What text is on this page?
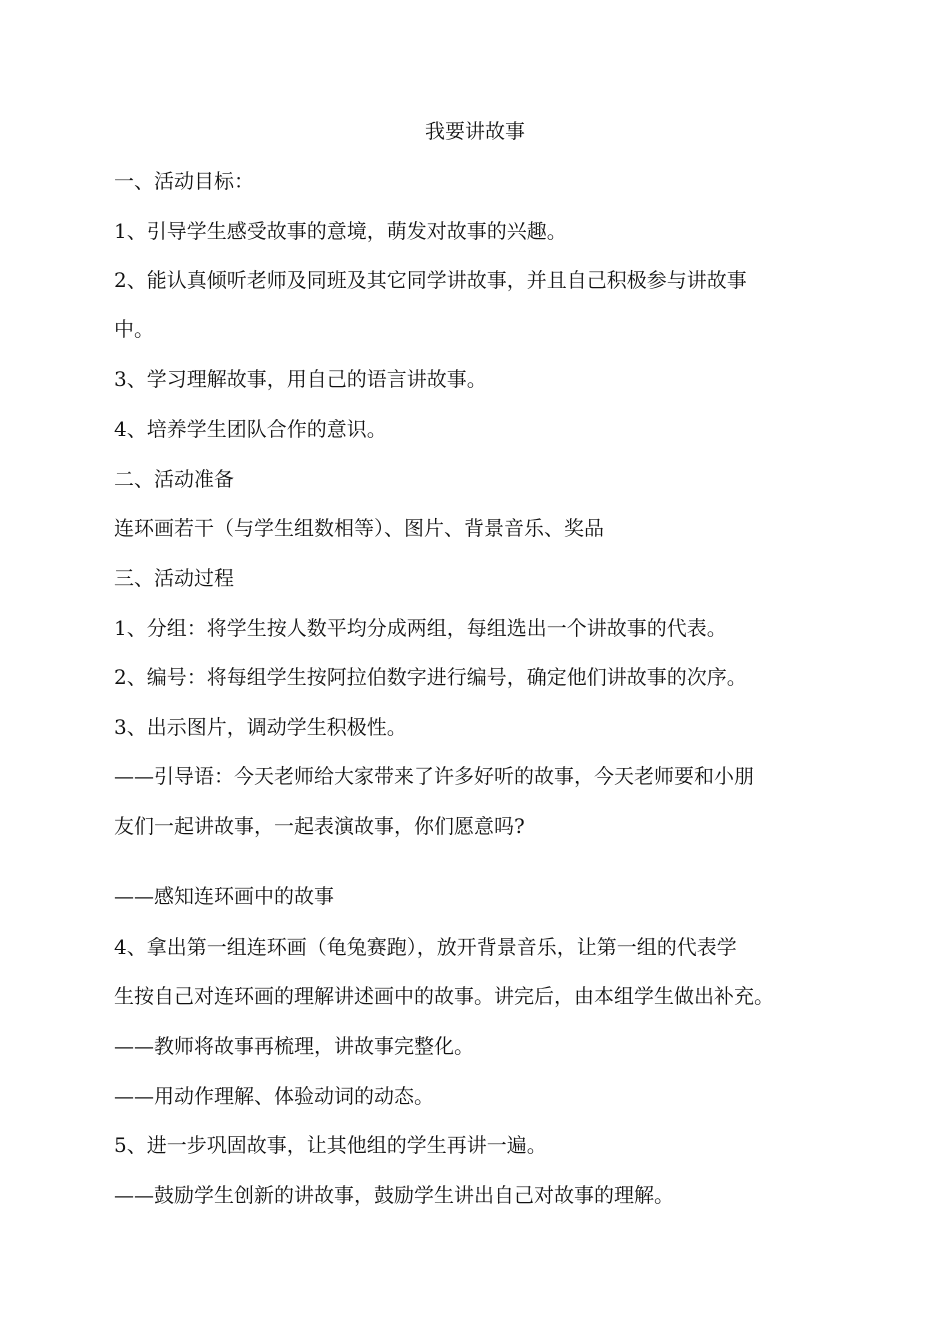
我要讲故事

一、活动目标：

1、引导学生感受故事的意境，萌发对故事的兴趣。

2、能认真倾听老师及同班及其它同学讲故事，并且自己积极参与讲故事

中。

3、学习理解故事，用自己的语言讲故事。

4、培养学生团队合作的意识。

二、活动准备

连环画若干（与学生组数相等）、图片、背景音乐、奖品

三、活动过程

1、分组：将学生按人数平均分成两组，每组选出一个讲故事的代表。

2、编号：将每组学生按阿拉伯数字进行编号，确定他们讲故事的次序。

3、出示图片，调动学生积极性。

——引导语：今天老师给大家带来了许多好听的故事，今天老师要和小朋

友们一起讲故事，一起表演故事，你们愿意吗?

——感知连环画中的故事

4、拿出第一组连环画（龟兔赛跑），放开背景音乐，让第一组的代表学

生按自己对连环画的理解讲述画中的故事。讲完后，由本组学生做出补充。

——教师将故事再梳理，讲故事完整化。

——用动作理解、体验动词的动态。

5、进一步巩固故事，让其他组的学生再讲一遍。

——鼓励学生创新的讲故事，鼓励学生讲出自己对故事的理解。
